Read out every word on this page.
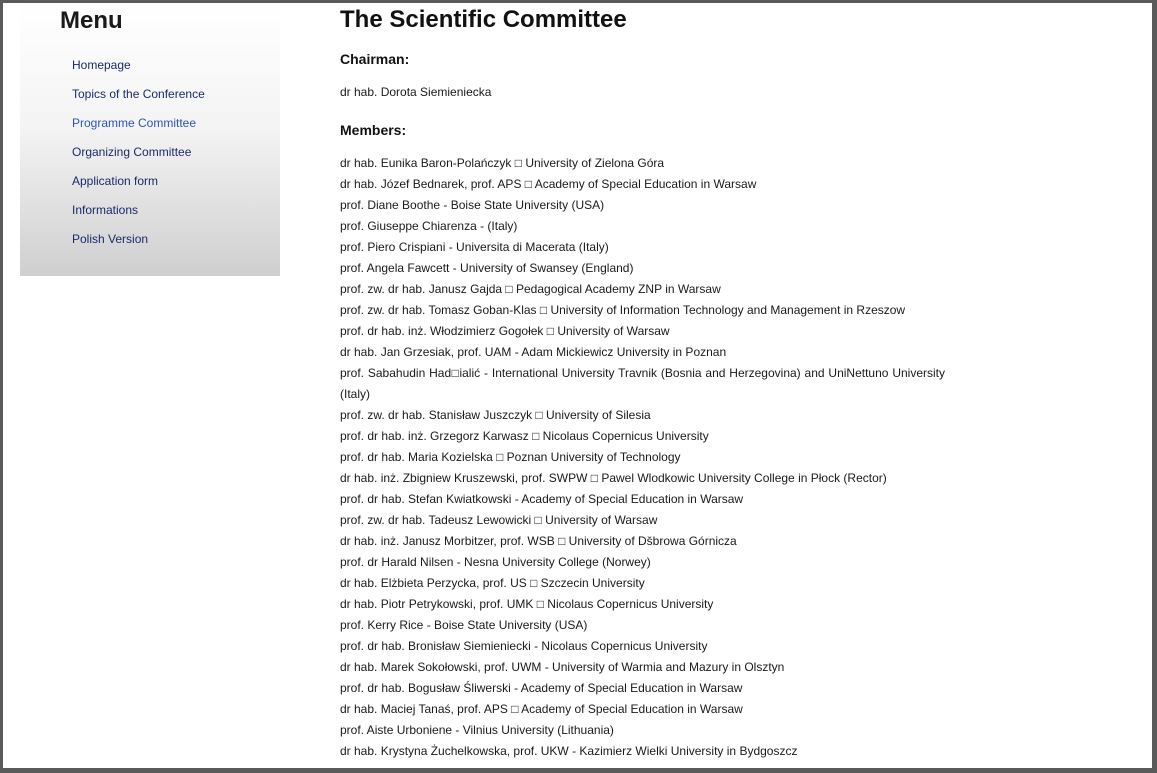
Menu
Homepage
Topics of the Conference
Programme Committee
Organizing Committee
Application form
Informations
Polish Version
The Scientific Committee
Chairman:
dr hab. Dorota Siemieniecka
Members:
dr hab. Eunika Baron-Polańczyk □ University of Zielona Góra
dr hab. Józef Bednarek, prof. APS □ Academy of Special Education in Warsaw
prof. Diane Boothe - Boise State University (USA)
prof. Giuseppe Chiarenza - (Italy)
prof. Piero Crispiani - Universita di Macerata (Italy)
prof. Angela Fawcett - University of Swansey (England)
prof. zw. dr hab. Janusz Gajda □ Pedagogical Academy ZNP in Warsaw
prof. zw. dr hab. Tomasz Goban-Klas □ University of Information Technology and Management in Rzeszow
prof. dr hab. inż. Włodzimierz Gogołek □ University of Warsaw
dr hab. Jan Grzesiak, prof. UAM - Adam Mickiewicz University in Poznan
prof. Sabahudin Had□ialić - International University Travnik (Bosnia and Herzegovina) and UniNettuno University (Italy)
prof. zw. dr hab. Stanisław Juszczyk □ University of Silesia
prof. dr hab. inż. Grzegorz Karwasz □ Nicolaus Copernicus University
prof. dr hab. Maria Kozielska □ Poznan University of Technology
dr hab. inż. Zbigniew Kruszewski, prof. SWPW □ Pawel Wlodkowic University College in Płock (Rector)
prof. dr hab. Stefan Kwiatkowski - Academy of Special Education in Warsaw
prof. zw. dr hab. Tadeusz Lewowicki □ University of Warsaw
dr hab. inż. Janusz Morbitzer, prof. WSB □ University of Dšbrowa Górnicza
prof. dr Harald Nilsen - Nesna University College (Norwey)
dr hab. Elżbieta Perzycka, prof. US □ Szczecin University
dr hab. Piotr Petrykowski, prof. UMK □ Nicolaus Copernicus University
prof. Kerry Rice - Boise State University (USA)
prof. dr hab. Bronisław Siemieniecki - Nicolaus Copernicus University
dr hab. Marek Sokołowski, prof. UWM - University of Warmia and Mazury in Olsztyn
prof. dr hab. Bogusław Śliwerski - Academy of Special Education in Warsaw
dr hab. Maciej Tanaś, prof. APS □ Academy of Special Education in Warsaw
prof. Aiste Urboniene - Vilnius University (Lithuania)
dr hab. Krystyna Żuchelkowska, prof. UKW - Kazimierz Wielki University in Bydgoszcz
